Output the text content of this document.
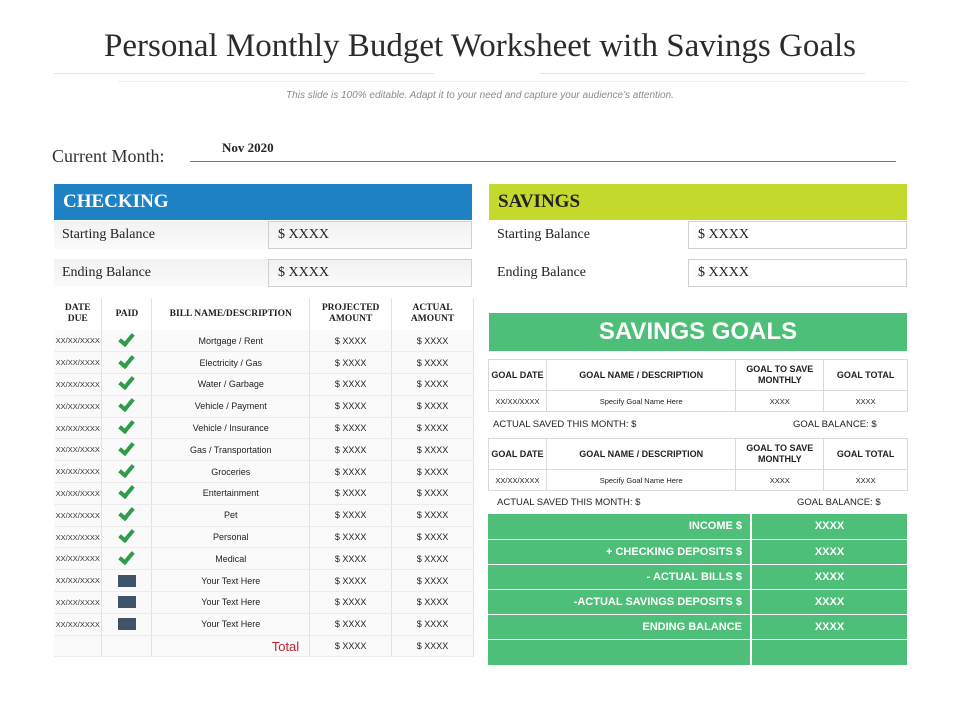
Personal Monthly Budget Worksheet with Savings Goals
This slide is 100% editable. Adapt it to your need and capture your audience's attention.
Current Month:	Nov 2020
CHECKING
Starting Balance	$ XXXX
Ending Balance	$ XXXX
DATE DUE	PAID	BILL NAME/DESCRIPTION	PROJECTED AMOUNT	ACTUAL AMOUNT
XX/XX/XXXX		Mortgage / Rent	$ XXXX	$ XXXX
XX/XX/XXXX		Electricity / Gas	$ XXXX	$ XXXX
XX/XX/XXXX		Water / Garbage	$ XXXX	$ XXXX
XX/XX/XXXX		Vehicle / Payment	$ XXXX	$ XXXX
XX/XX/XXXX		Vehicle / Insurance	$ XXXX	$ XXXX
XX/XX/XXXX		Gas / Transportation	$ XXXX	$ XXXX
XX/XX/XXXX		Groceries	$ XXXX	$ XXXX
XX/XX/XXXX		Entertainment	$ XXXX	$ XXXX
XX/XX/XXXX		Pet	$ XXXX	$ XXXX
XX/XX/XXXX		Personal	$ XXXX	$ XXXX
XX/XX/XXXX		Medical	$ XXXX	$ XXXX
XX/XX/XXXX		Your Text Here	$ XXXX	$ XXXX
XX/XX/XXXX		Your Text Here	$ XXXX	$ XXXX
XX/XX/XXXX		Your Text Here	$ XXXX	$ XXXX
		Total	$ XXXX	$ XXXX
SAVINGS
Starting Balance	$ XXXX
Ending Balance	$ XXXX
SAVINGS GOALS
GOAL DATE	GOAL NAME / DESCRIPTION	GOAL TO SAVE MONTHLY	GOAL TOTAL
XX/XX/XXXX	Specify Goal Name Here	XXXX	XXXX
ACTUAL SAVED THIS MONTH: $	GOAL BALANCE: $
GOAL DATE	GOAL NAME / DESCRIPTION	GOAL TO SAVE MONTHLY	GOAL TOTAL
XX/XX/XXXX	Specify Goal Name Here	XXXX	XXXX
ACTUAL SAVED THIS MONTH: $	GOAL BALANCE: $
INCOME $	XXXX
+ CHECKING DEPOSITS $	XXXX
- ACTUAL BILLS $	XXXX
-ACTUAL SAVINGS DEPOSITS $	XXXX
ENDING BALANCE	XXXX
